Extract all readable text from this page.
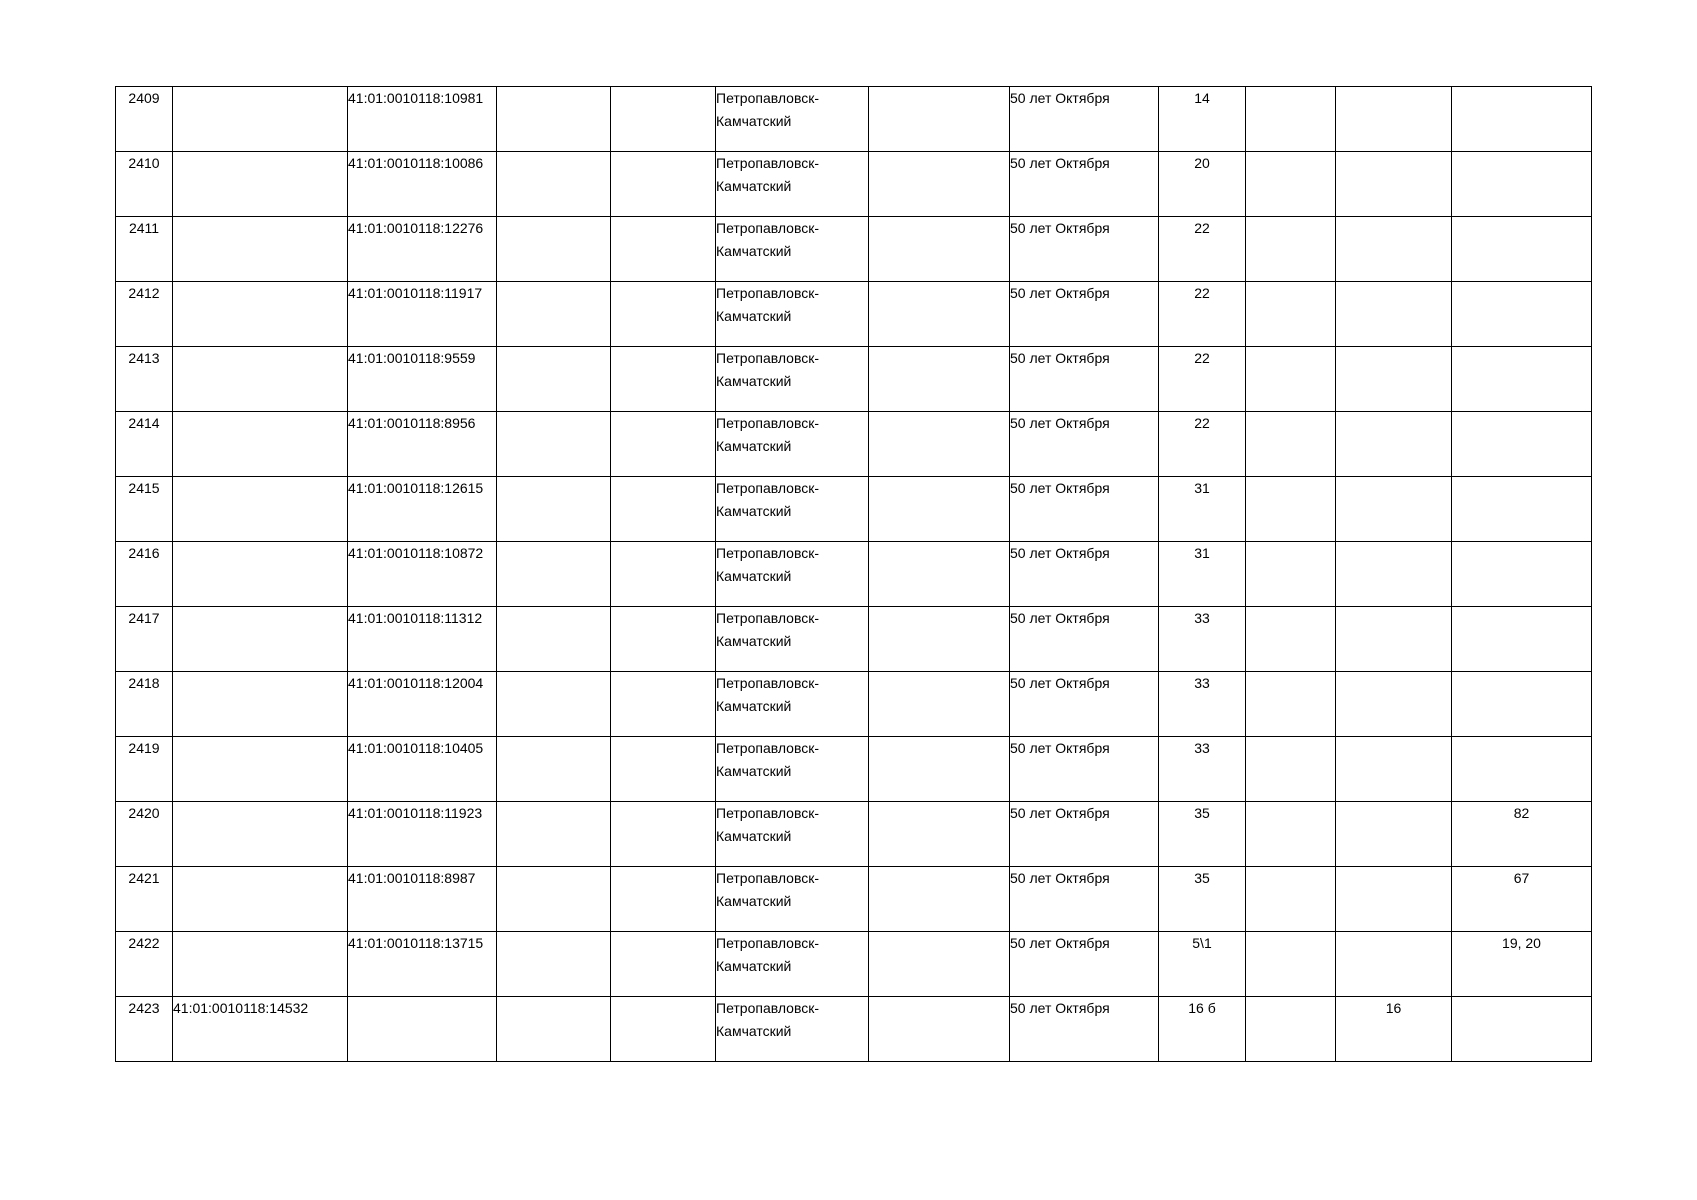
2409		41:01:0010118:10981			Петропавловск-Камчатский		50 лет Октября	14			

2410		41:01:0010118:10086			Петропавловск-Камчатский		50 лет Октября	20			

2411		41:01:0010118:12276			Петропавловск-Камчатский		50 лет Октября	22			

2412		41:01:0010118:11917			Петропавловск-Камчатский		50 лет Октября	22			

2413		41:01:0010118:9559			Петропавловск-Камчатский		50 лет Октября	22			

2414		41:01:0010118:8956			Петропавловск-Камчатский		50 лет Октября	22			

2415		41:01:0010118:12615			Петропавловск-Камчатский		50 лет Октября	31			

2416		41:01:0010118:10872			Петропавловск-Камчатский		50 лет Октября	31			

2417		41:01:0010118:11312			Петропавловск-Камчатский		50 лет Октября	33			

2418		41:01:0010118:12004			Петропавловск-Камчатский		50 лет Октября	33			

2419		41:01:0010118:10405			Петропавловск-Камчатский		50 лет Октября	33			

2420		41:01:0010118:11923			Петропавловск-Камчатский		50 лет Октября	35			82

2421		41:01:0010118:8987			Петропавловск-Камчатский		50 лет Октября	35			67

2422		41:01:0010118:13715			Петропавловск-Камчатский		50 лет Октября	5\1			19, 20

2423	41:01:0010118:14532				Петропавловск-Камчатский		50 лет Октября	16 б		16	
